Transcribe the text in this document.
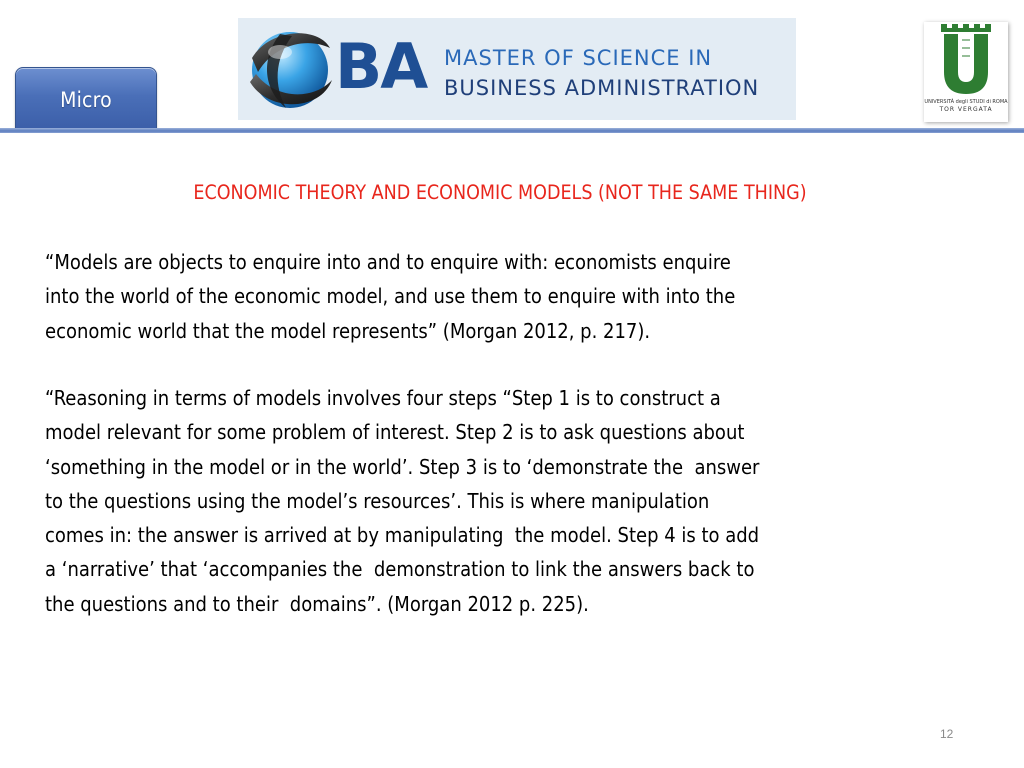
Micro	BA MASTER OF SCIENCE IN
BUSINESS ADMINISTRATION
UNIVERSITÀ degli STUDI di ROMA
TOR VERGATA
ECONOMIC THEORY AND ECONOMIC MODELS (NOT THE SAME THING)

“Models are objects to enquire into and to enquire with: economists enquire
into the world of the economic model, and use them to enquire with into the
economic world that the model represents” (Morgan 2012, p. 217).

“Reasoning in terms of models involves four steps “Step 1 is to construct a
model relevant for some problem of interest. Step 2 is to ask questions about
‘something in the model or in the world’. Step 3 is to ‘demonstrate the  answer
to the questions using the model’s resources’. This is where manipulation
comes in: the answer is arrived at by manipulating  the model. Step 4 is to add
a ‘narrative’ that ‘accompanies the  demonstration to link the answers back to
the questions and to their  domains”. (Morgan 2012 p. 225).

12
